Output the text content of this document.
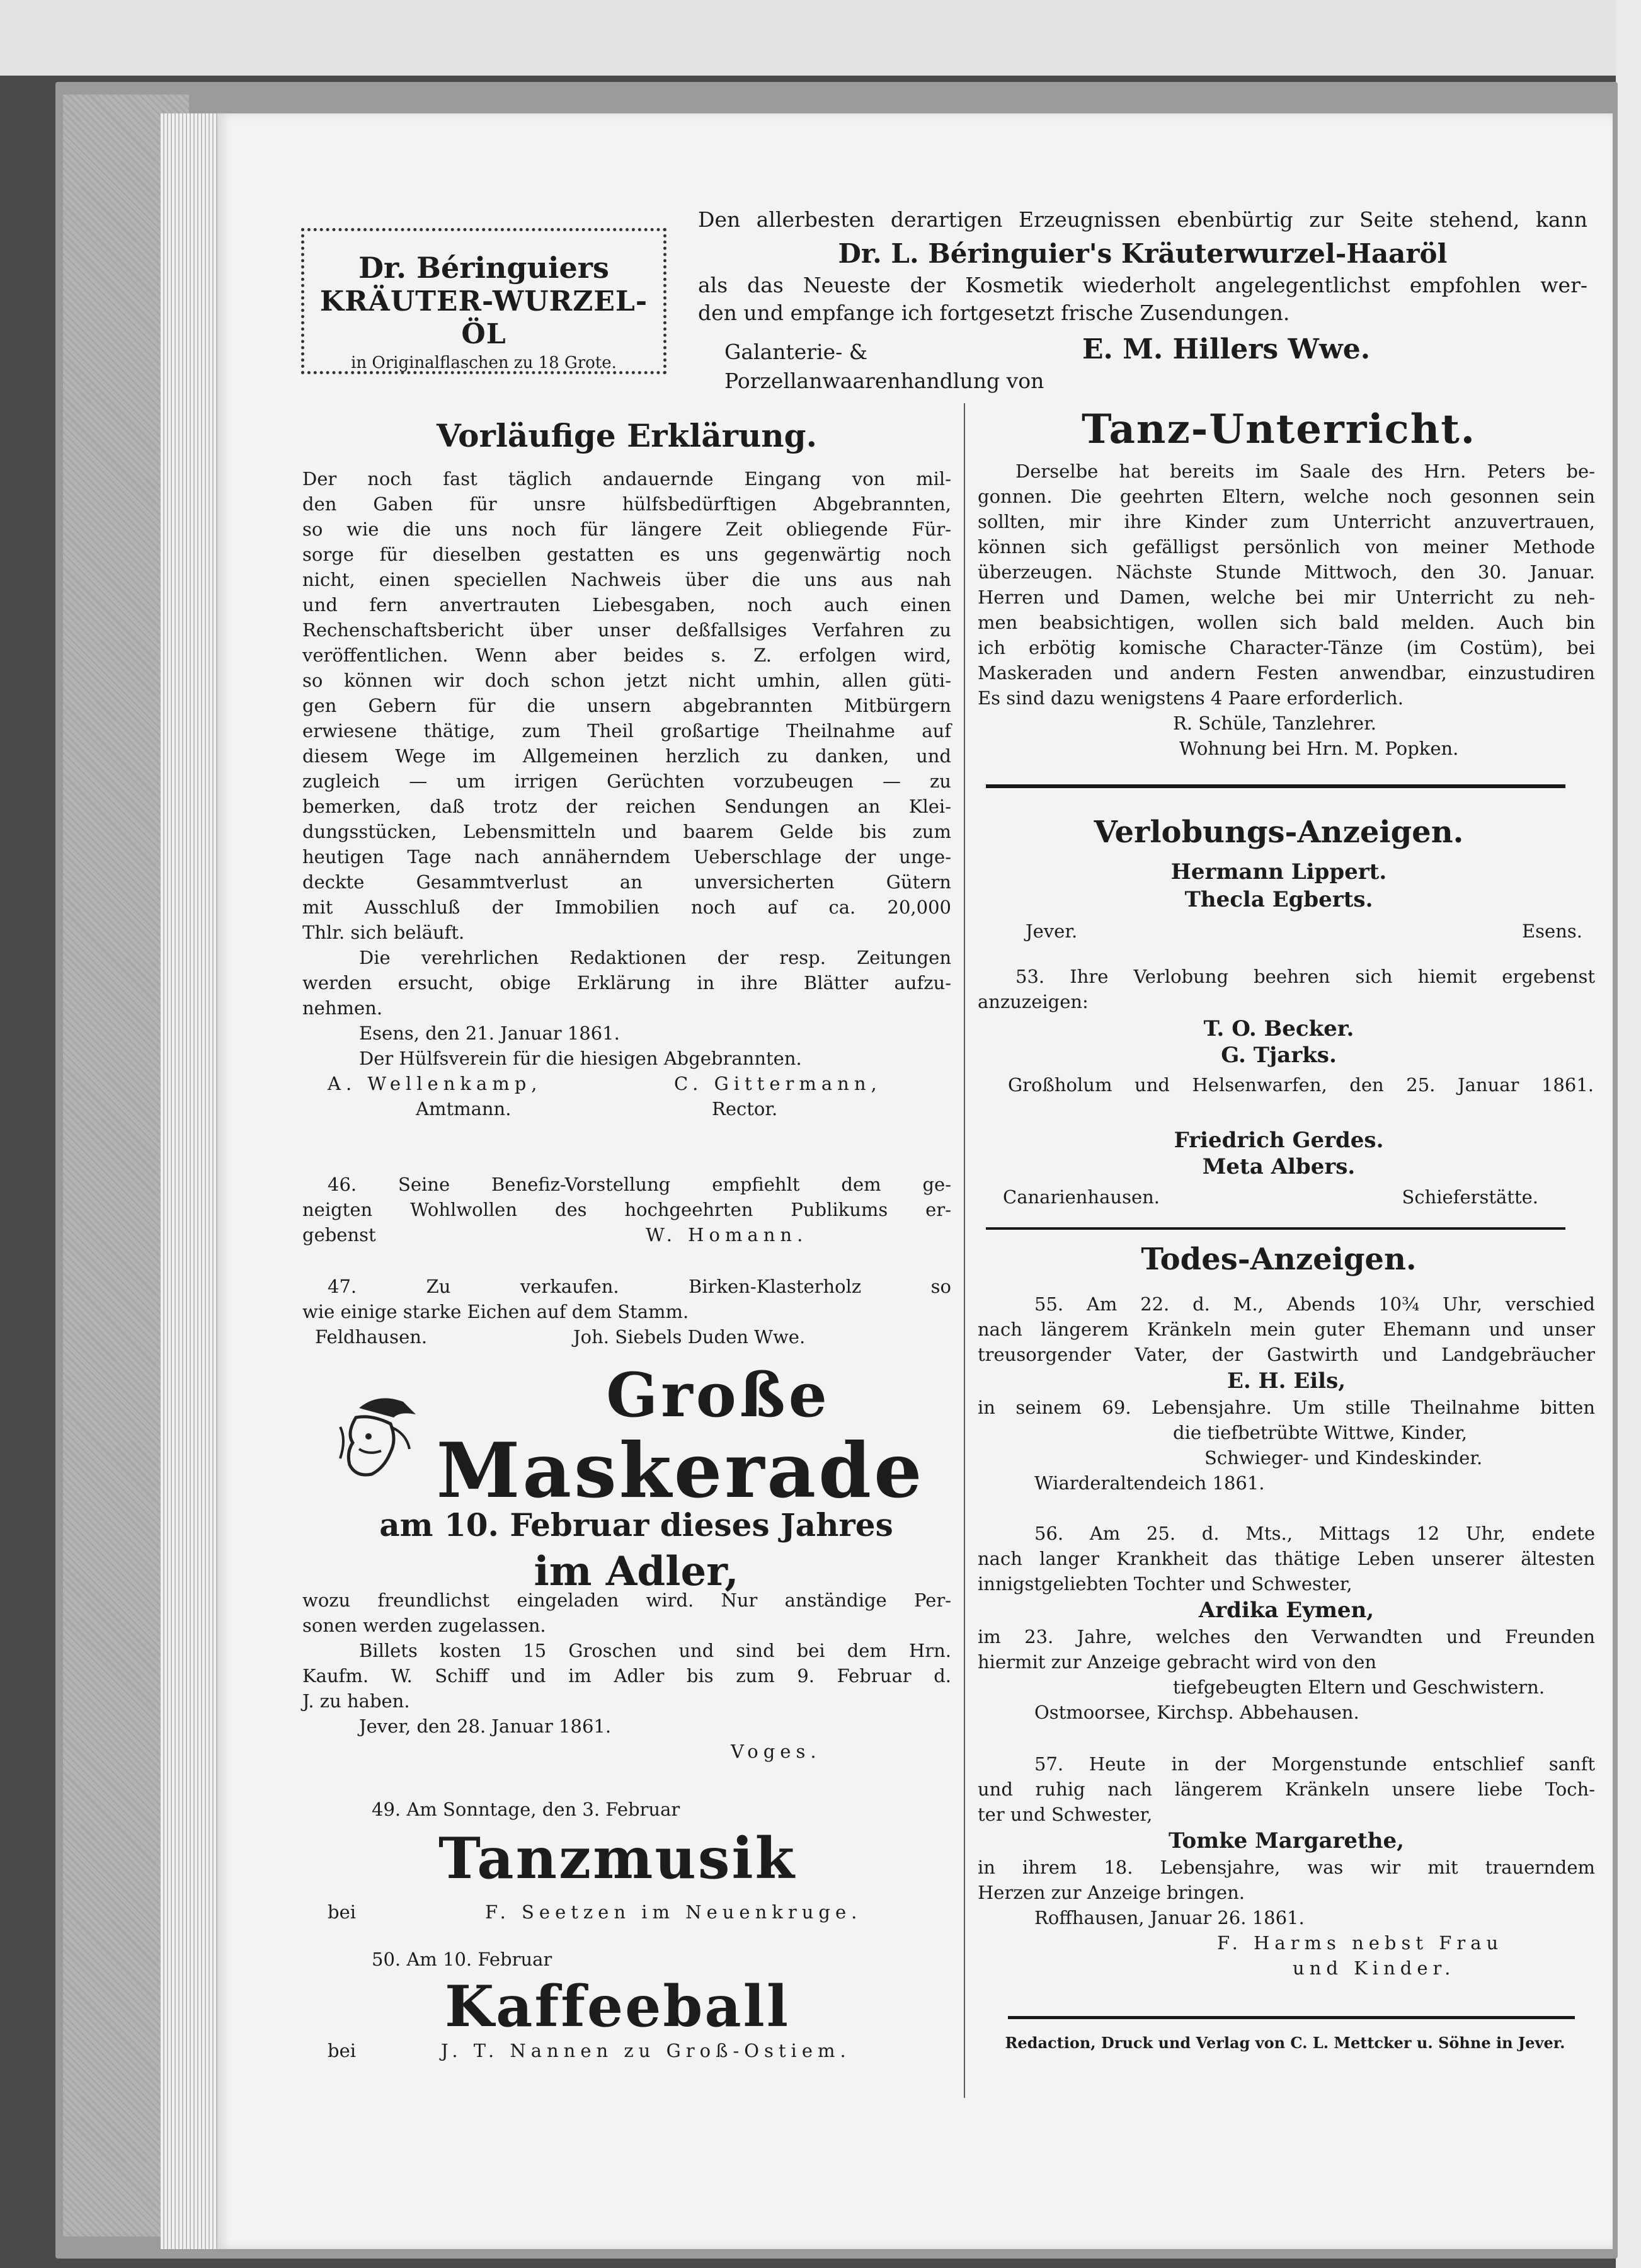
Dr. Béringuiers
KRÄUTER-WURZEL-ÖL
in Originalflaschen zu 18 Grote.
Den allerbesten derartigen Erzeugnissen ebenbürtig zur Seite stehend, kann
Dr. L. Béringuier's Kräuterwurzel-Haaröl
als das Neueste der Kosmetik wiederholt angelegentlichst empfohlen wer-
den und empfange ich fortgesetzt frische Zusendungen.
Galanterie- & Porzellanwaarenhandlung von
E. M. Hillers Wwe.
Vorläufige Erklärung.
Der noch fast täglich andauernde Eingang von mil-
den Gaben für unsre hülfsbedürftigen Abgebrannten,
so wie die uns noch für längere Zeit obliegende Für-
sorge für dieselben gestatten es uns gegenwärtig noch
nicht, einen speciellen Nachweis über die uns aus nah
und fern anvertrauten Liebesgaben, noch auch einen
Rechenschaftsbericht über unser deßfallsiges Verfahren zu
veröffentlichen. Wenn aber beides s. Z. erfolgen wird,
so können wir doch schon jetzt nicht umhin, allen güti-
gen Gebern für die unsern abgebrannten Mitbürgern
erwiesene thätige, zum Theil großartige Theilnahme auf
diesem Wege im Allgemeinen herzlich zu danken, und
zugleich — um irrigen Gerüchten vorzubeugen — zu
bemerken, daß trotz der reichen Sendungen an Klei-
dungsstücken, Lebensmitteln und baarem Gelde bis zum
heutigen Tage nach annäherndem Ueberschlage der unge-
deckte Gesammtverlust an unversicherten Gütern
mit Ausschluß der Immobilien noch auf ca. 20,000
Thlr. sich beläuft.
Die verehrlichen Redaktionen der resp. Zeitungen
werden ersucht, obige Erklärung in ihre Blätter aufzu-
nehmen.
Esens, den 21. Januar 1861.
Der Hülfsverein für die hiesigen Abgebrannten.
A. Wellenkamp,	C. Gittermann,
Amtmann.	Rector.
46. Seine Benefiz-Vorstellung empfiehlt dem ge-
neigten Wohlwollen des hochgeehrten Publikums er-
gebenst	W. Homann.
47. Zu verkaufen. Birken-Klasterholz so
wie einige starke Eichen auf dem Stamm.
Feldhausen.	Joh. Siebels Duden Wwe.
Große
Maskerade
am 10. Februar dieses Jahres
im Adler,
wozu freundlichst eingeladen wird. Nur anständige Per-
sonen werden zugelassen.
Billets kosten 15 Groschen und sind bei dem Hrn.
Kaufm. W. Schiff und im Adler bis zum 9. Februar d.
J. zu haben.
Jever, den 28. Januar 1861.
Voges.
49. Am Sonntage, den 3. Februar
Tanzmusik
bei	F. Seetzen im Neuenkruge.
50. Am 10. Februar
Kaffeeball
bei	J. T. Nannen zu Groß-Ostiem.
Tanz-Unterricht.
Derselbe hat bereits im Saale des Hrn. Peters be-
gonnen. Die geehrten Eltern, welche noch gesonnen sein
sollten, mir ihre Kinder zum Unterricht anzuvertrauen,
können sich gefälligst persönlich von meiner Methode
überzeugen. Nächste Stunde Mittwoch, den 30. Januar.
Herren und Damen, welche bei mir Unterricht zu neh-
men beabsichtigen, wollen sich bald melden. Auch bin
ich erbötig komische Character-Tänze (im Costüm), bei
Maskeraden und andern Festen anwendbar, einzustudiren
Es sind dazu wenigstens 4 Paare erforderlich.
R. Schüle, Tanzlehrer.
Wohnung bei Hrn. M. Popken.
Verlobungs-Anzeigen.
Hermann Lippert.
Thecla Egberts.
Jever.	Esens.
53. Ihre Verlobung beehren sich hiemit ergebenst
anzuzeigen:
T. O. Becker.
G. Tjarks.
Großholum und Helsenwarfen, den 25. Januar 1861.
Friedrich Gerdes.
Meta Albers.
Canarienhausen.	Schieferstätte.
Todes-Anzeigen.
55. Am 22. d. M., Abends 10¾ Uhr, verschied
nach längerem Kränkeln mein guter Ehemann und unser
treusorgender Vater, der Gastwirth und Landgebräucher
E. H. Eils,
in seinem 69. Lebensjahre. Um stille Theilnahme bitten
die tiefbetrübte Wittwe, Kinder,
Schwieger- und Kindeskinder.
Wiarderaltendeich 1861.
56. Am 25. d. Mts., Mittags 12 Uhr, endete
nach langer Krankheit das thätige Leben unserer ältesten
innigstgeliebten Tochter und Schwester,
Ardika Eymen,
im 23. Jahre, welches den Verwandten und Freunden
hiermit zur Anzeige gebracht wird von den
tiefgebeugten Eltern und Geschwistern.
Ostmoorsee, Kirchsp. Abbehausen.
57. Heute in der Morgenstunde entschlief sanft
und ruhig nach längerem Kränkeln unsere liebe Toch-
ter und Schwester,
Tomke Margarethe,
in ihrem 18. Lebensjahre, was wir mit trauerndem
Herzen zur Anzeige bringen.
Roffhausen, Januar 26. 1861.
F. Harms nebst Frau
und Kinder.
Redaction, Druck und Verlag von C. L. Mettcker u. Söhne in Jever.
